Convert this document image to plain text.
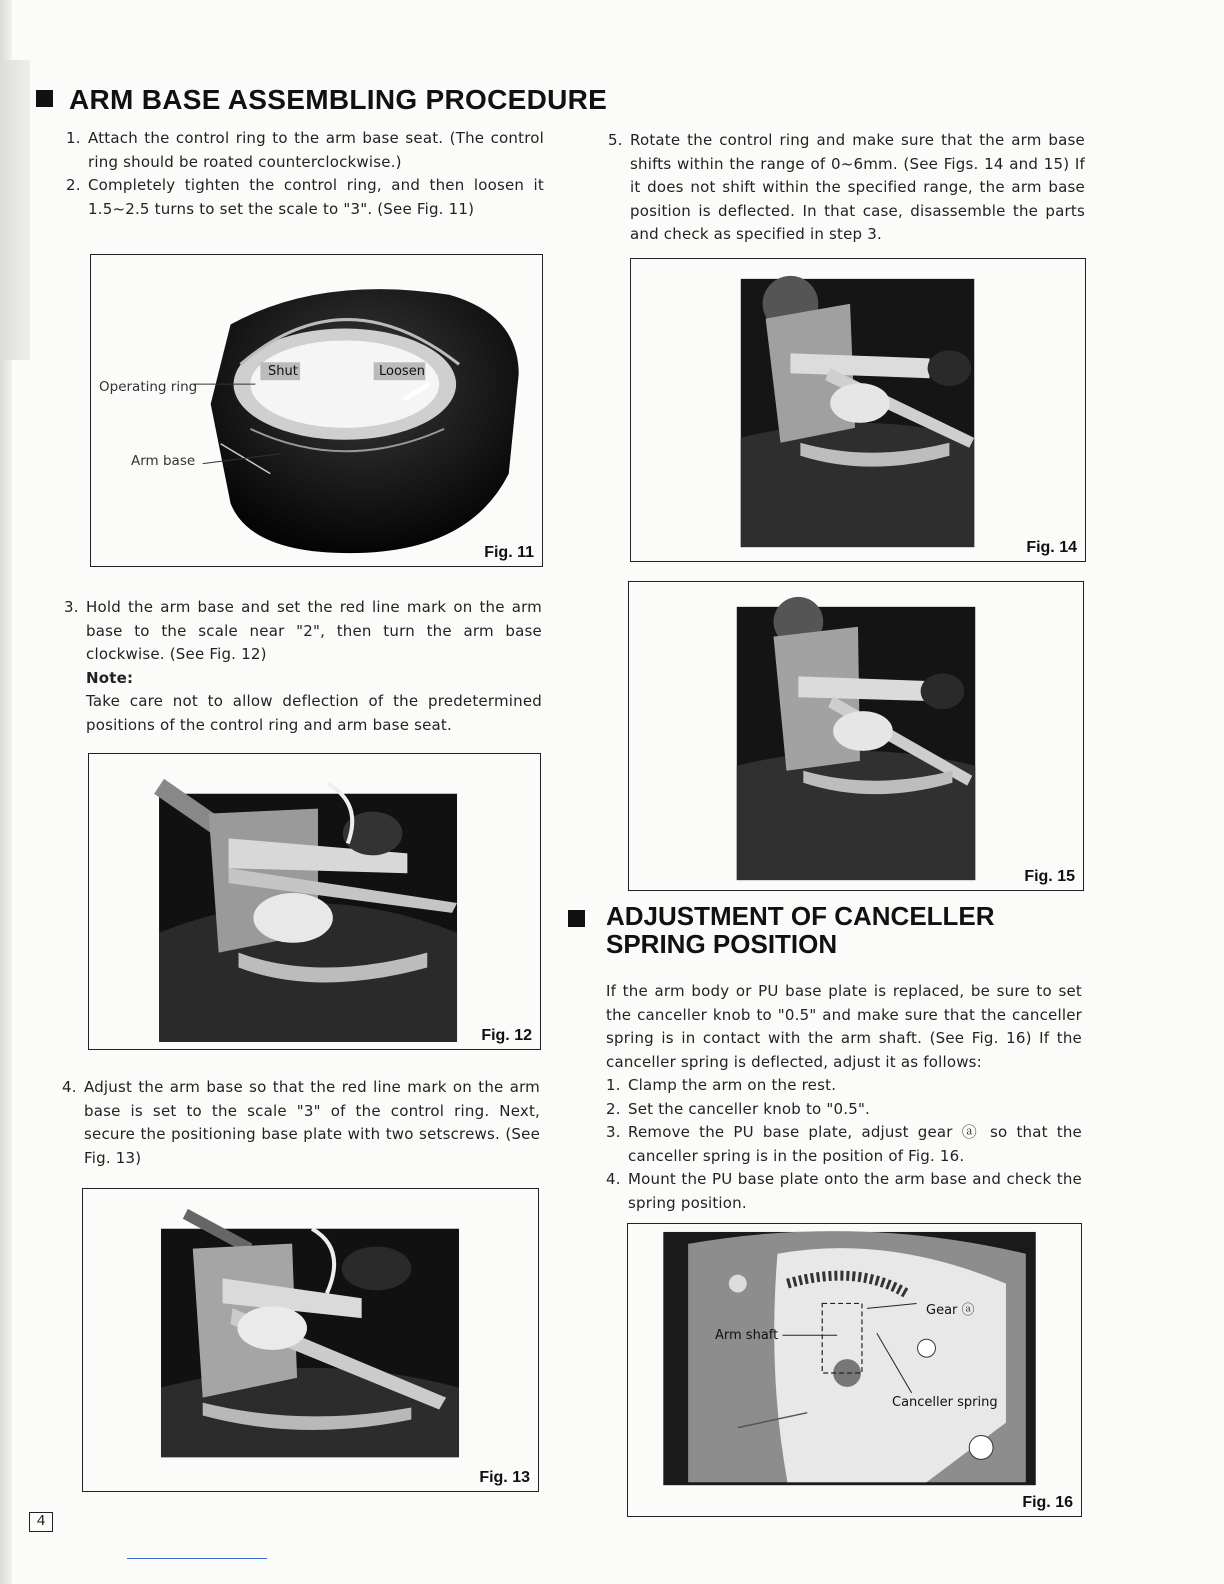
ARM BASE ASSEMBLING PROCEDURE
1. Attach the control ring to the arm base seat. (The control ring should be roated counterclockwise.)
2. Completely tighten the control ring, and then loosen it 1.5~2.5 turns to set the scale to "3". (See Fig. 11)
Operating ring
Arm base
Shut	Loosen
Fig. 11
3. Hold the arm base and set the red line mark on the arm base to the scale near "2", then turn the arm base clockwise. (See Fig. 12)
Note:
Take care not to allow deflection of the predetermined positions of the control ring and arm base seat.
Fig. 12
4. Adjust the arm base so that the red line mark on the arm base is set to the scale "3" of the control ring. Next, secure the positioning base plate with two setscrews. (See Fig. 13)
Fig. 13
5. Rotate the control ring and make sure that the arm base shifts within the range of 0~6mm. (See Figs. 14 and 15) If it does not shift within the specified range, the arm base position is deflected. In that case, disassemble the parts and check as specified in step 3.
Fig. 14
Fig. 15
ADJUSTMENT OF CANCELLER
SPRING POSITION
If the arm body or PU base plate is replaced, be sure to set the canceller knob to "0.5" and make sure that the canceller spring is in contact with the arm shaft. (See Fig. 16) If the canceller spring is deflected, adjust it as follows:
1. Clamp the arm on the rest.
2. Set the canceller knob to "0.5".
3. Remove the PU base plate, adjust gear ⓐ so that the canceller spring is in the position of Fig. 16.
4. Mount the PU base plate onto the arm base and check the spring position.
Gear ⓐ
Arm shaft
Canceller spring
Fig. 16
4
